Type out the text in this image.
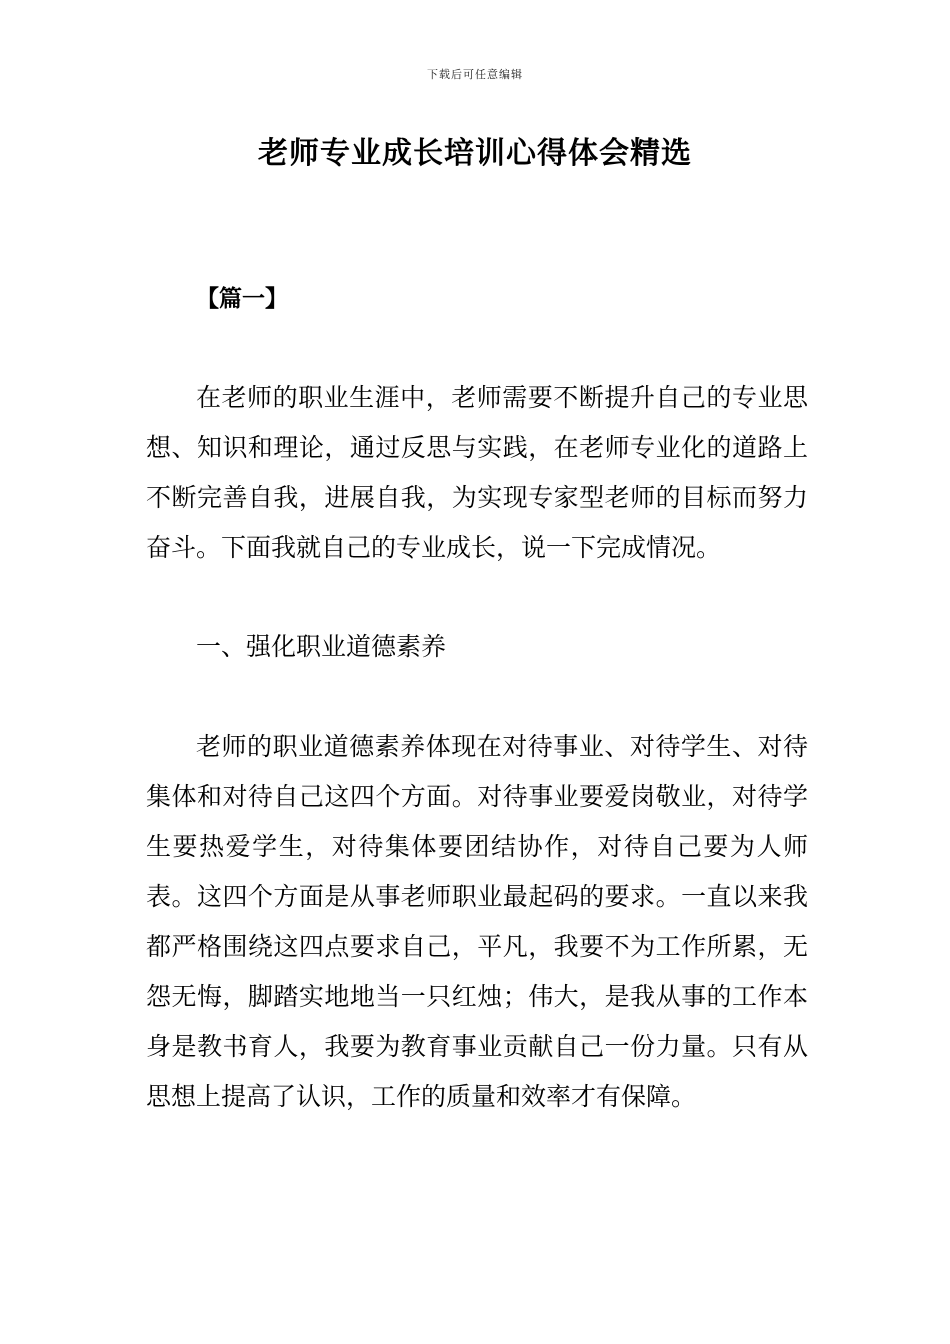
下载后可任意编辑
老师专业成长培训心得体会精选

【篇一】

在老师的职业生涯中，老师需要不断提升自己的专业思想、知识和理论，通过反思与实践，在老师专业化的道路上不断完善自我，进展自我，为实现专家型老师的目标而努力奋斗。下面我就自己的专业成长，说一下完成情况。

一、强化职业道德素养

老师的职业道德素养体现在对待事业、对待学生、对待集体和对待自己这四个方面。对待事业要爱岗敬业，对待学生要热爱学生，对待集体要团结协作，对待自己要为人师表。这四个方面是从事老师职业最起码的要求。一直以来我都严格围绕这四点要求自己，平凡，我要不为工作所累，无怨无悔，脚踏实地地当一只红烛；伟大，是我从事的工作本身是教书育人，我要为教育事业贡献自己一份力量。只有从思想上提高了认识，工作的质量和效率才有保障。
